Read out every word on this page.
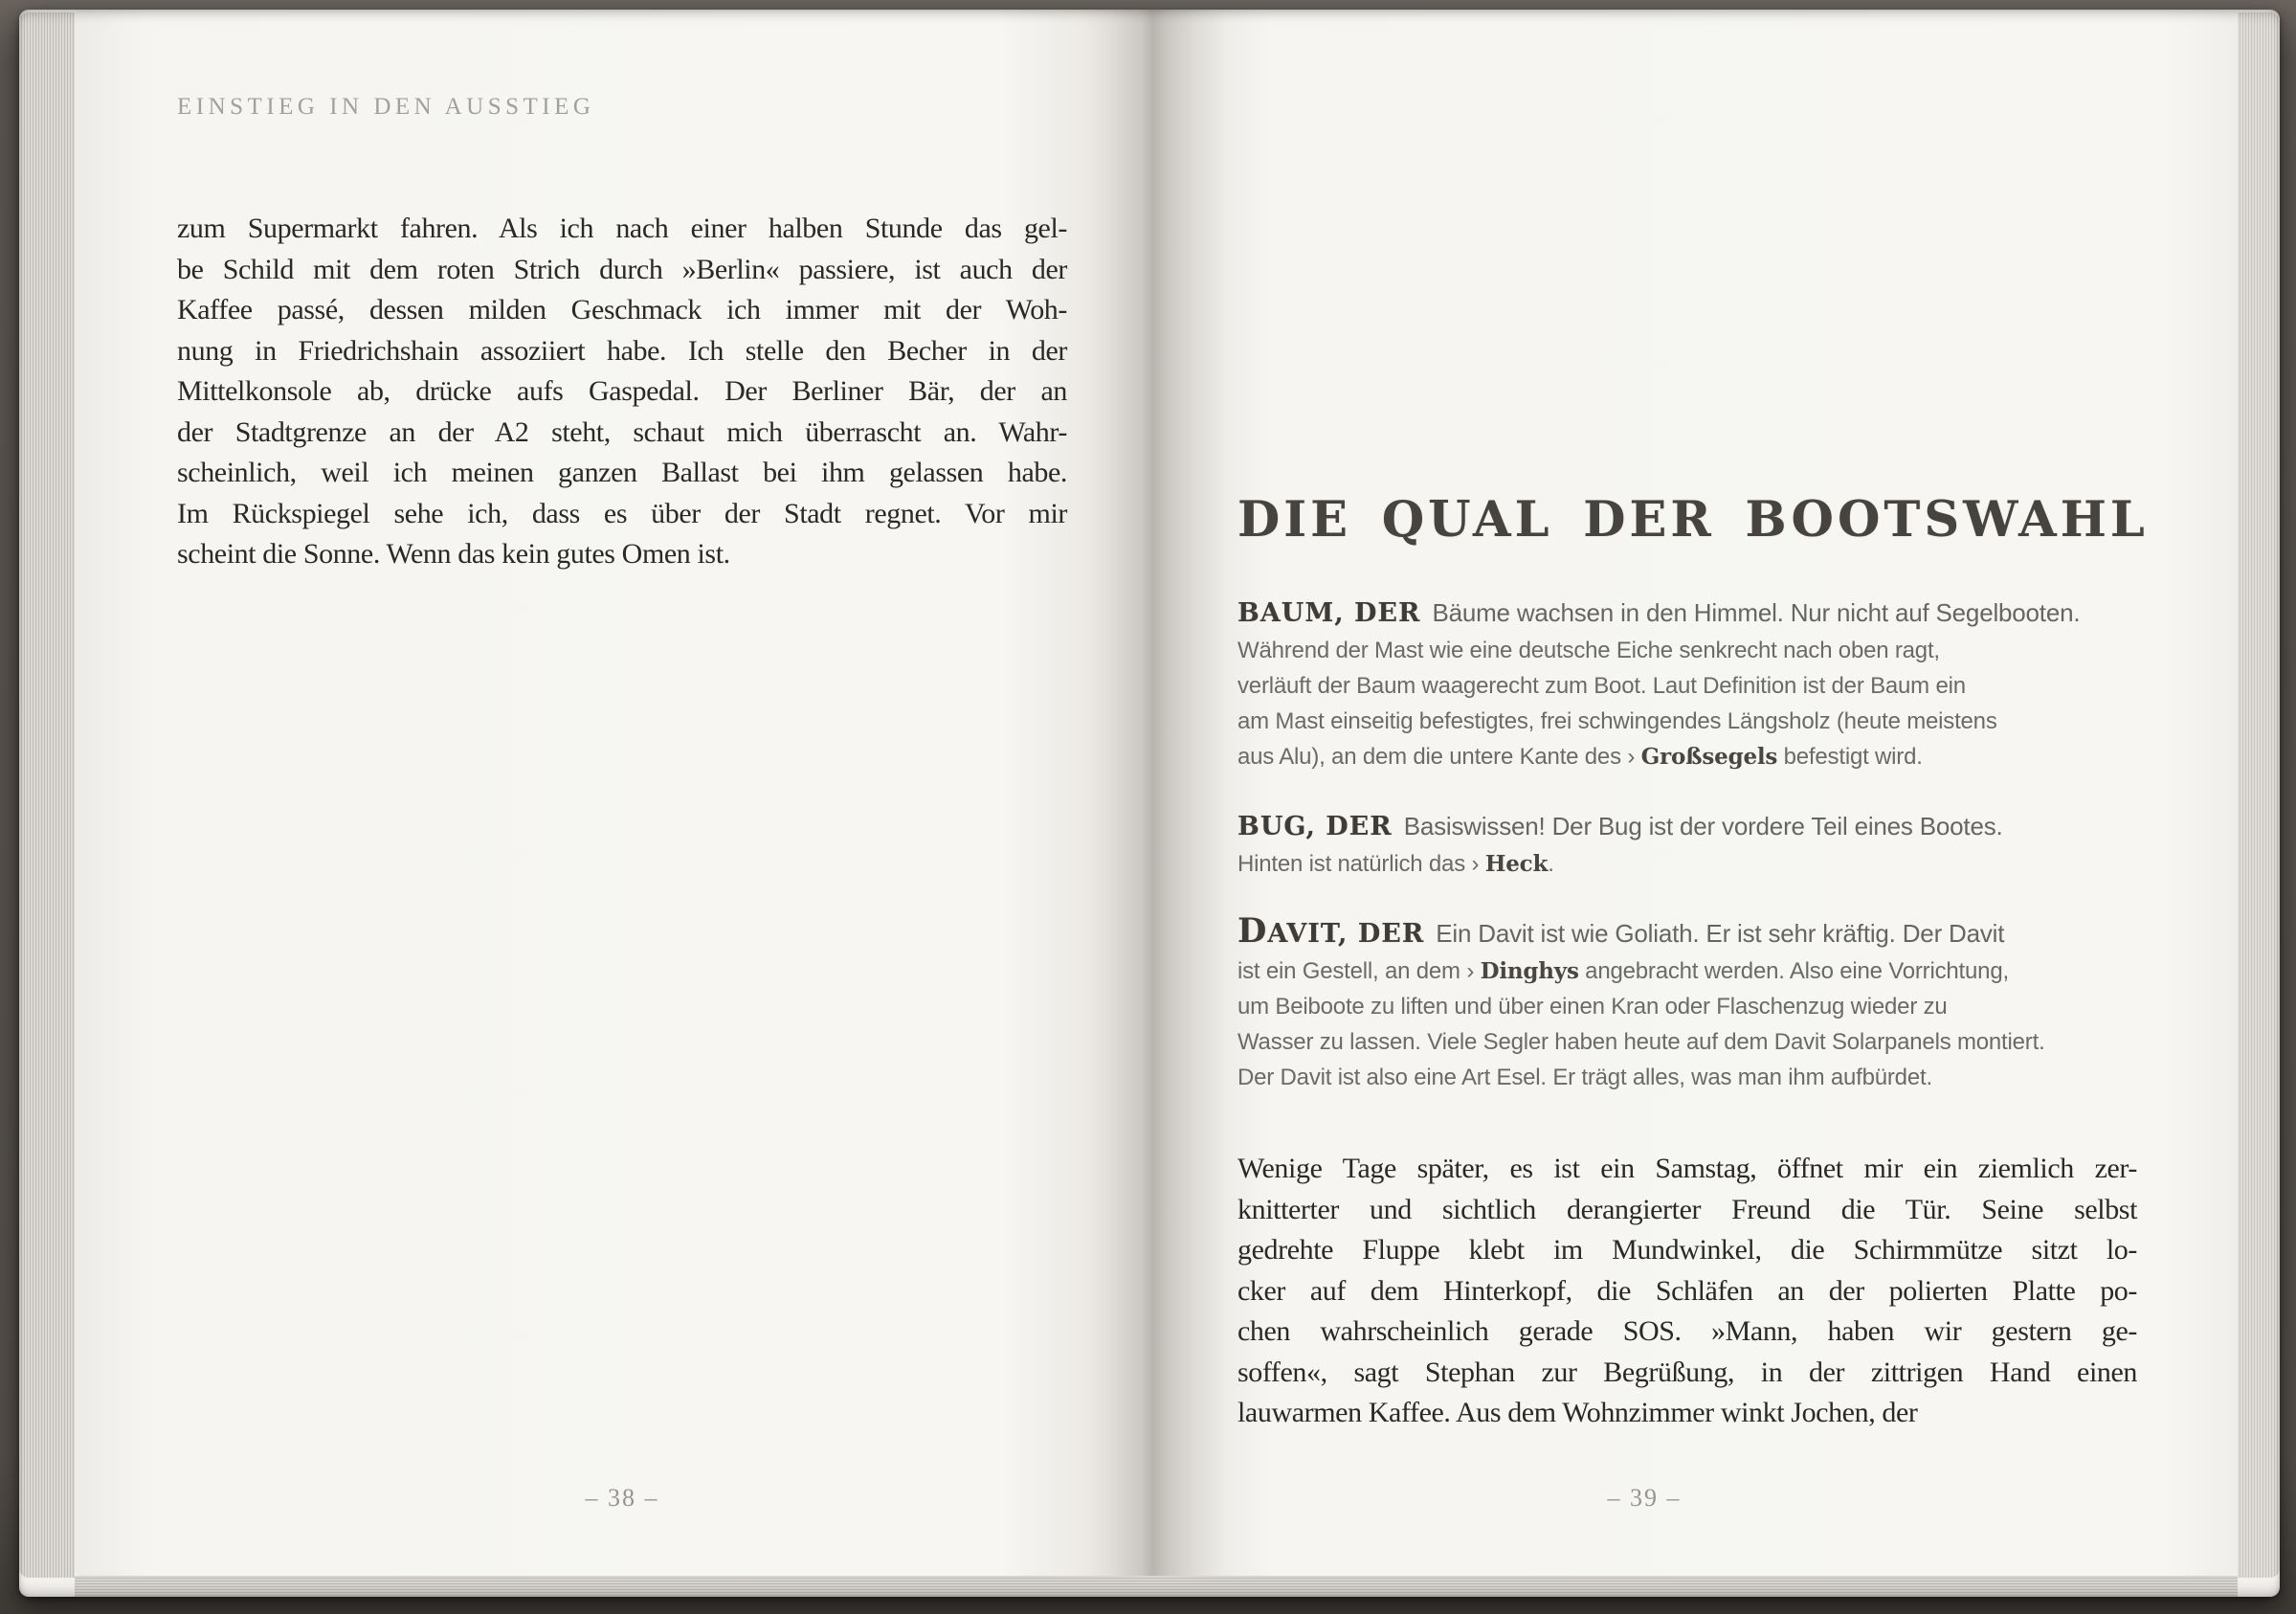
EINSTIEG IN DEN AUSSTIEG
zum Supermarkt fahren. Als ich nach einer halben Stunde das gel-
be Schild mit dem roten Strich durch »Berlin« passiere, ist auch der
Kaffee passé, dessen milden Geschmack ich immer mit der Woh-
nung in Friedrichshain assoziiert habe. Ich stelle den Becher in der
Mittelkonsole ab, drücke aufs Gaspedal. Der Berliner Bär, der an
der Stadtgrenze an der A2 steht, schaut mich überrascht an. Wahr-
scheinlich, weil ich meinen ganzen Ballast bei ihm gelassen habe.
Im Rückspiegel sehe ich, dass es über der Stadt regnet. Vor mir
scheint die Sonne. Wenn das kein gutes Omen ist.
– 38 –
DIE QUAL DER BOOTSWAHL
BAUM, DER Bäume wachsen in den Himmel. Nur nicht auf Segelbooten.
Während der Mast wie eine deutsche Eiche senkrecht nach oben ragt,
verläuft der Baum waagerecht zum Boot. Laut Definition ist der Baum ein
am Mast einseitig befestigtes, frei schwingendes Längsholz (heute meistens
aus Alu), an dem die untere Kante des › Großsegels befestigt wird.
BUG, DER Basiswissen! Der Bug ist der vordere Teil eines Bootes.
Hinten ist natürlich das › Heck.
DAVIT, DER Ein Davit ist wie Goliath. Er ist sehr kräftig. Der Davit
ist ein Gestell, an dem › Dinghys angebracht werden. Also eine Vorrichtung,
um Beiboote zu liften und über einen Kran oder Flaschenzug wieder zu
Wasser zu lassen. Viele Segler haben heute auf dem Davit Solarpanels montiert.
Der Davit ist also eine Art Esel. Er trägt alles, was man ihm aufbürdet.
Wenige Tage später, es ist ein Samstag, öffnet mir ein ziemlich zer-
knitterter und sichtlich derangierter Freund die Tür. Seine selbst
gedrehte Fluppe klebt im Mundwinkel, die Schirmmütze sitzt lo-
cker auf dem Hinterkopf, die Schläfen an der polierten Platte po-
chen wahrscheinlich gerade SOS. »Mann, haben wir gestern ge-
soffen«, sagt Stephan zur Begrüßung, in der zittrigen Hand einen
lauwarmen Kaffee. Aus dem Wohnzimmer winkt Jochen, der
– 39 –
